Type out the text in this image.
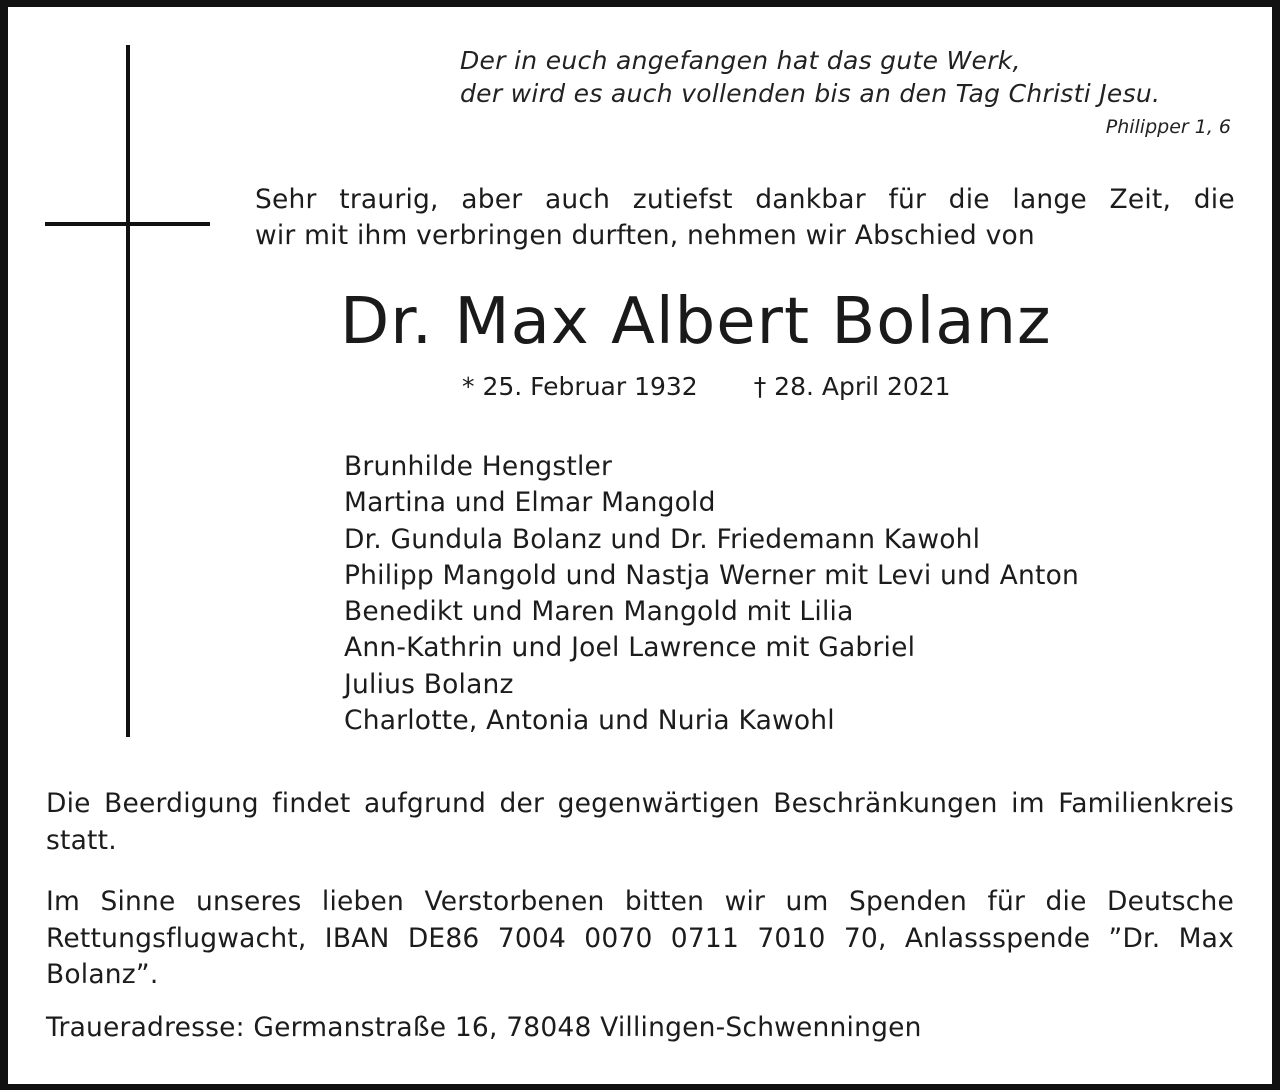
Der in euch angefangen hat das gute Werk,
der wird es auch vollenden bis an den Tag Christi Jesu.
Philipper 1, 6
Sehr traurig, aber auch zutiefst dankbar für die lange Zeit, die
wir mit ihm verbringen durften, nehmen wir Abschied von
Dr. Max Albert Bolanz
* 25. Februar 1932 † 28. April 2021
Brunhilde Hengstler
Martina und Elmar Mangold
Dr. Gundula Bolanz und Dr. Friedemann Kawohl
Philipp Mangold und Nastja Werner mit Levi und Anton
Benedikt und Maren Mangold mit Lilia
Ann-Kathrin und Joel Lawrence mit Gabriel
Julius Bolanz
Charlotte, Antonia und Nuria Kawohl
Die Beerdigung findet aufgrund der gegenwärtigen Beschränkungen im Familienkreis statt.
Im Sinne unseres lieben Verstorbenen bitten wir um Spenden für die Deutsche Rettungsflugwacht, IBAN DE86 7004 0070 0711 7010 70, Anlassspende ”Dr. Max Bolanz”.
Traueradresse: Germanstraße 16, 78048 Villingen-Schwenningen
